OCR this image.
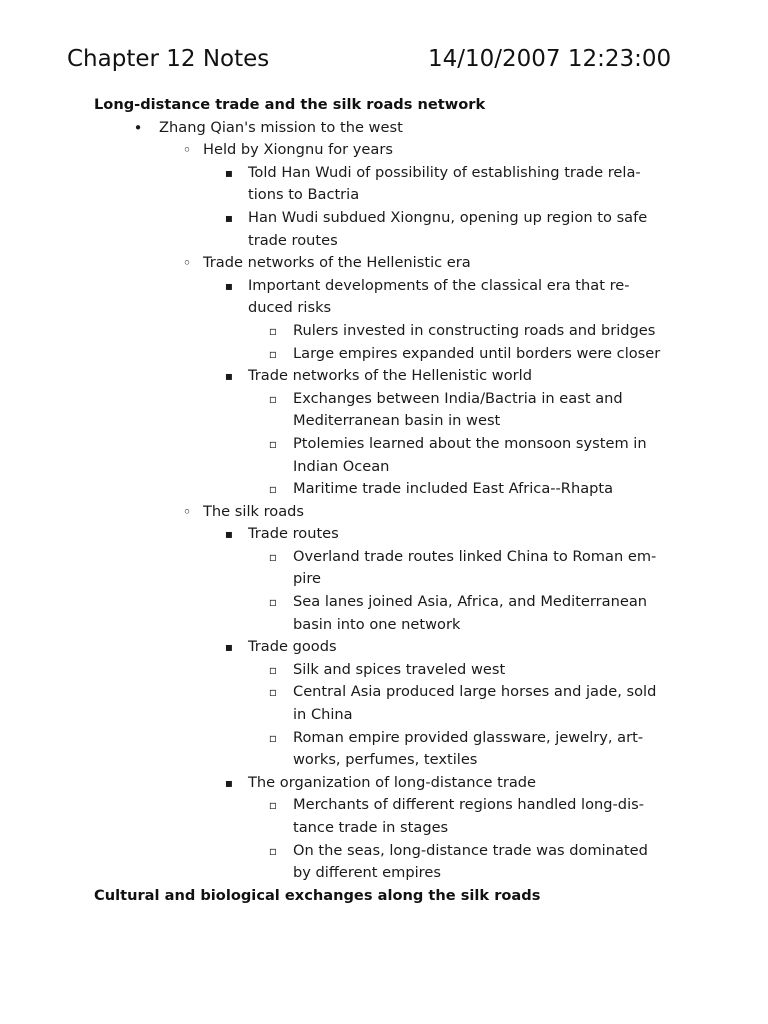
Chapter 12 Notes	14/10/2007 12:23:00
Long-distance trade and the silk roads network
•
Zhang Qian's mission to the west
◦
Held by Xiongnu for years
▪
Told Han Wudi of possibility of establishing trade rela-
tions to Bactria
▪
Han Wudi subdued Xiongnu, opening up region to safe
trade routes
◦
Trade networks of the Hellenistic era
▪
Important developments of the classical era that re-
duced risks
▫
Rulers invested in constructing roads and bridges
▫
Large empires expanded until borders were closer
▪
Trade networks of the Hellenistic world
▫
Exchanges between India/Bactria in east and
Mediterranean basin in west
▫
Ptolemies learned about the monsoon system in
Indian Ocean
▫
Maritime trade included East Africa--Rhapta
◦
The silk roads
▪
Trade routes
▫
Overland trade routes linked China to Roman em-
pire
▫
Sea lanes joined Asia, Africa, and Mediterranean
basin into one network
▪
Trade goods
▫
Silk and spices traveled west
▫
Central Asia produced large horses and jade, sold
in China
▫
Roman empire provided glassware, jewelry, art-
works, perfumes, textiles
▪
The organization of long-distance trade
▫
Merchants of different regions handled long-dis-
tance trade in stages
▫
On the seas, long-distance trade was dominated
by different empires
Cultural and biological exchanges along the silk roads
